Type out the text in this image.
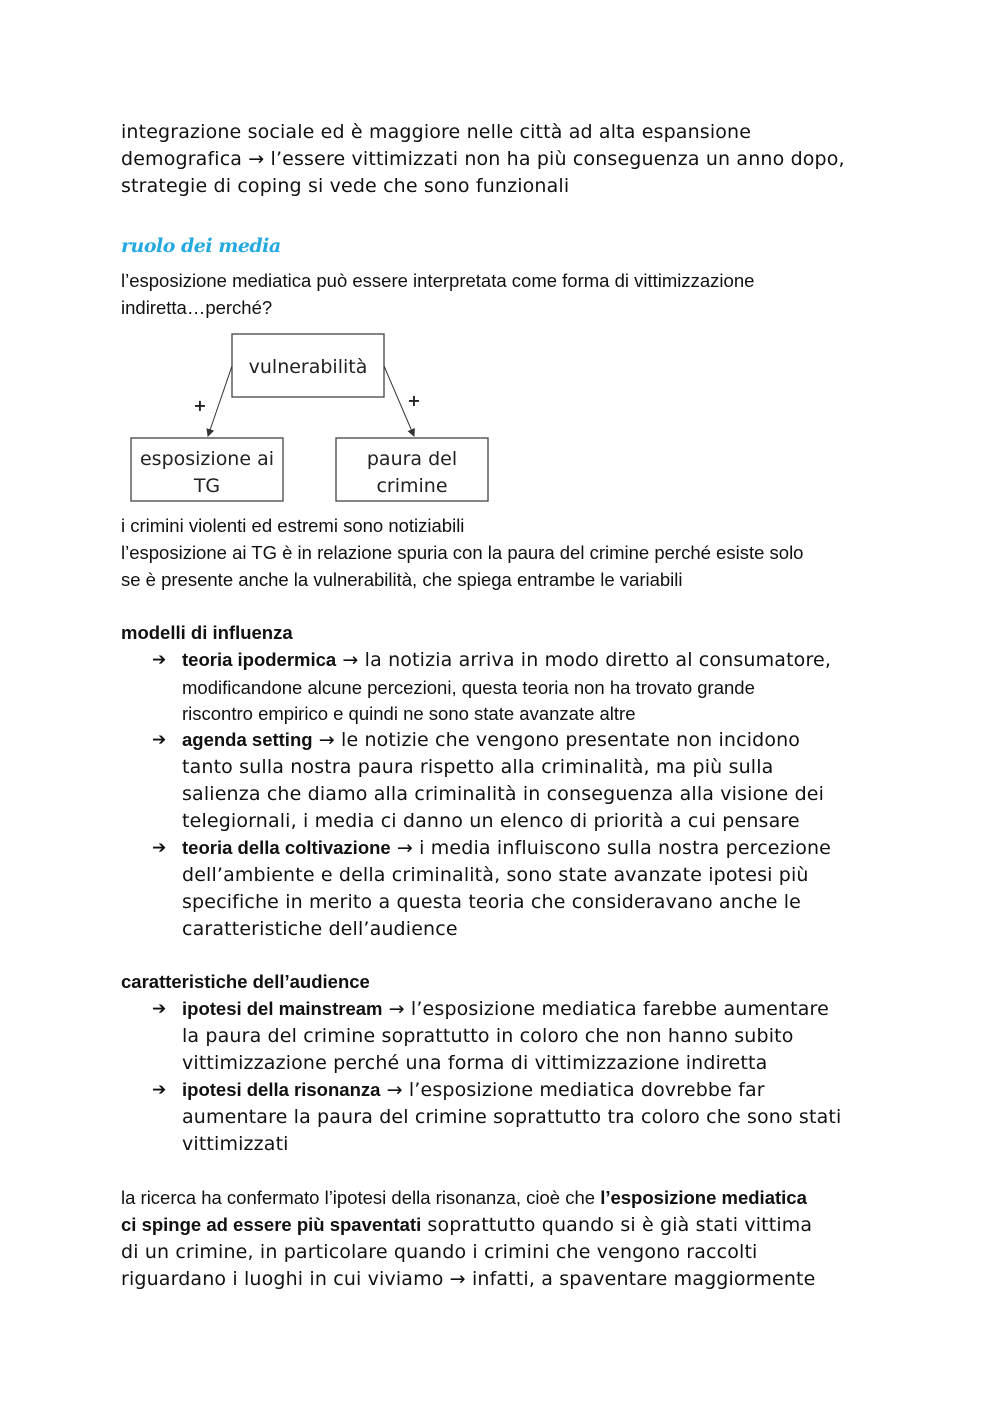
integrazione sociale ed è maggiore nelle città ad alta espansione
demografica → l’essere vittimizzati non ha più conseguenza un anno dopo,
strategie di coping si vede che sono funzionali
ruolo dei media
l’esposizione mediatica può essere interpretata come forma di vittimizzazione
indiretta…perché?
vulnerabilità
esposizione ai
TG
paura del
crimine
+	+
i crimini violenti ed estremi sono notiziabili
l’esposizione ai TG è in relazione spuria con la paura del crimine perché esiste solo
se è presente anche la vulnerabilità, che spiega entrambe le variabili
modelli di influenza
➔ teoria ipodermica → la notizia arriva in modo diretto al consumatore,
modificandone alcune percezioni, questa teoria non ha trovato grande
riscontro empirico e quindi ne sono state avanzate altre
➔ agenda setting → le notizie che vengono presentate non incidono
tanto sulla nostra paura rispetto alla criminalità, ma più sulla
salienza che diamo alla criminalità in conseguenza alla visione dei
telegiornali, i media ci danno un elenco di priorità a cui pensare
➔ teoria della coltivazione → i media influiscono sulla nostra percezione
dell’ambiente e della criminalità, sono state avanzate ipotesi più
specifiche in merito a questa teoria che consideravano anche le
caratteristiche dell’audience
caratteristiche dell’audience
➔ ipotesi del mainstream → l’esposizione mediatica farebbe aumentare
la paura del crimine soprattutto in coloro che non hanno subito
vittimizzazione perché una forma di vittimizzazione indiretta
➔ ipotesi della risonanza → l’esposizione mediatica dovrebbe far
aumentare la paura del crimine soprattutto tra coloro che sono stati
vittimizzati
la ricerca ha confermato l’ipotesi della risonanza, cioè che l’esposizione mediatica
ci spinge ad essere più spaventati soprattutto quando si è già stati vittima
di un crimine, in particolare quando i crimini che vengono raccolti
riguardano i luoghi in cui viviamo → infatti, a spaventare maggiormente
